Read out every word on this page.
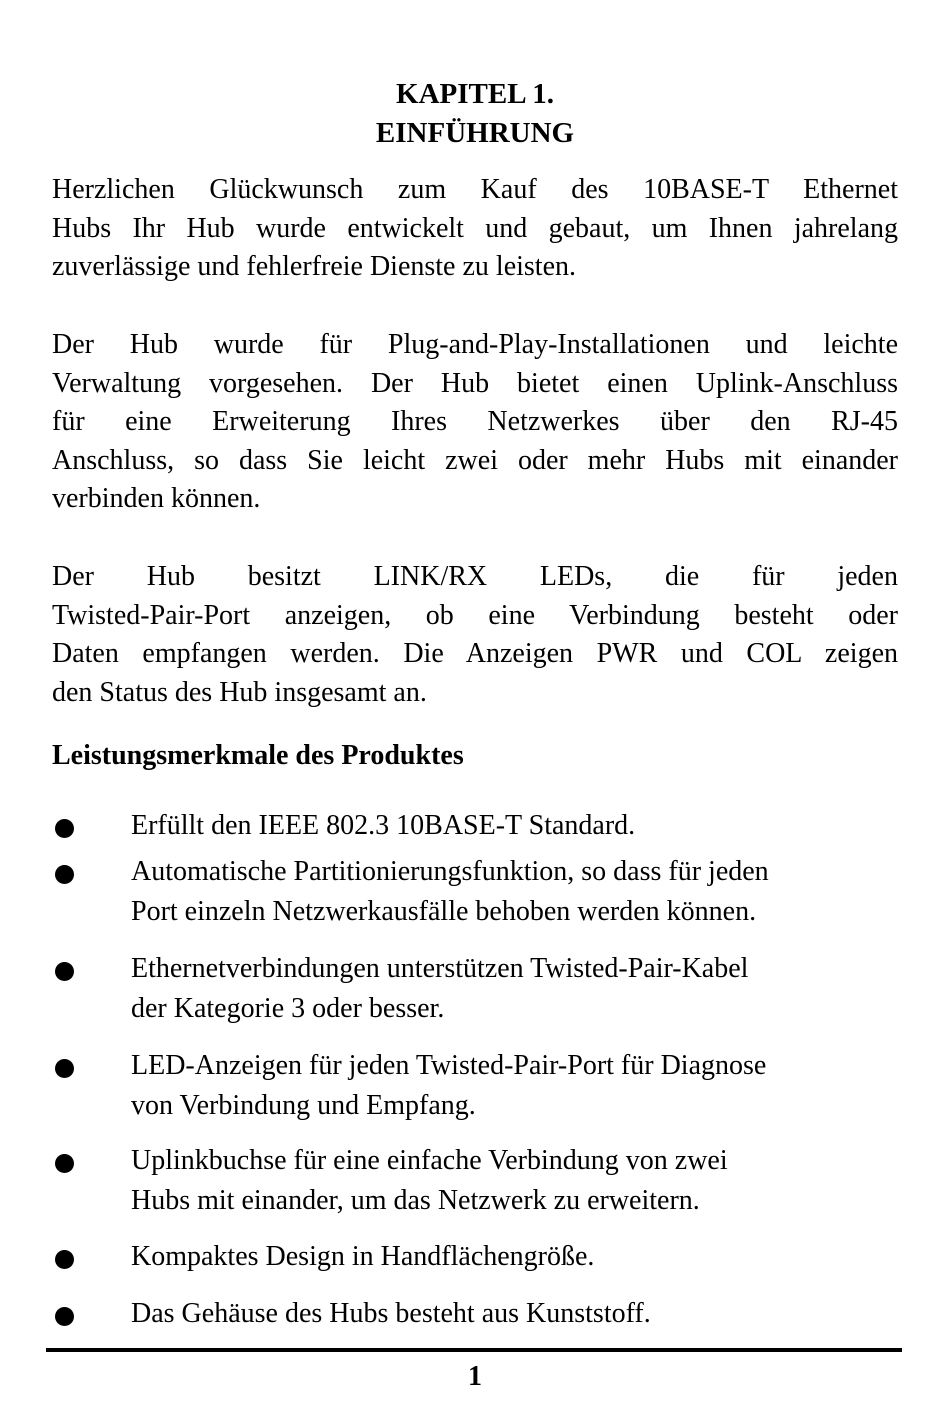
KAPITEL 1.
EINFÜHRUNG
Herzlichen Glückwunsch zum Kauf des 10BASE-T Ethernet
Hubs Ihr Hub wurde entwickelt und gebaut, um Ihnen jahrelang
zuverlässige und fehlerfreie Dienste zu leisten.
Der Hub wurde für Plug-and-Play-Installationen und leichte
Verwaltung vorgesehen. Der Hub bietet einen Uplink-Anschluss
für eine Erweiterung Ihres Netzwerkes über den RJ-45
Anschluss, so dass Sie leicht zwei oder mehr Hubs mit einander
verbinden können.
Der Hub besitzt LINK/RX LEDs, die für jeden
Twisted-Pair-Port anzeigen, ob eine Verbindung besteht oder
Daten empfangen werden. Die Anzeigen PWR und COL zeigen
den Status des Hub insgesamt an.
Leistungsmerkmale des Produktes
Erfüllt den IEEE 802.3 10BASE-T Standard.
Automatische Partitionierungsfunktion, so dass für jeden
Port einzeln Netzwerkausfälle behoben werden können.
Ethernetverbindungen unterstützen Twisted-Pair-Kabel
der Kategorie 3 oder besser.
LED-Anzeigen für jeden Twisted-Pair-Port für Diagnose
von Verbindung und Empfang.
Uplinkbuchse für eine einfache Verbindung von zwei
Hubs mit einander, um das Netzwerk zu erweitern.
Kompaktes Design in Handflächengröße.
Das Gehäuse des Hubs besteht aus Kunststoff.
1
